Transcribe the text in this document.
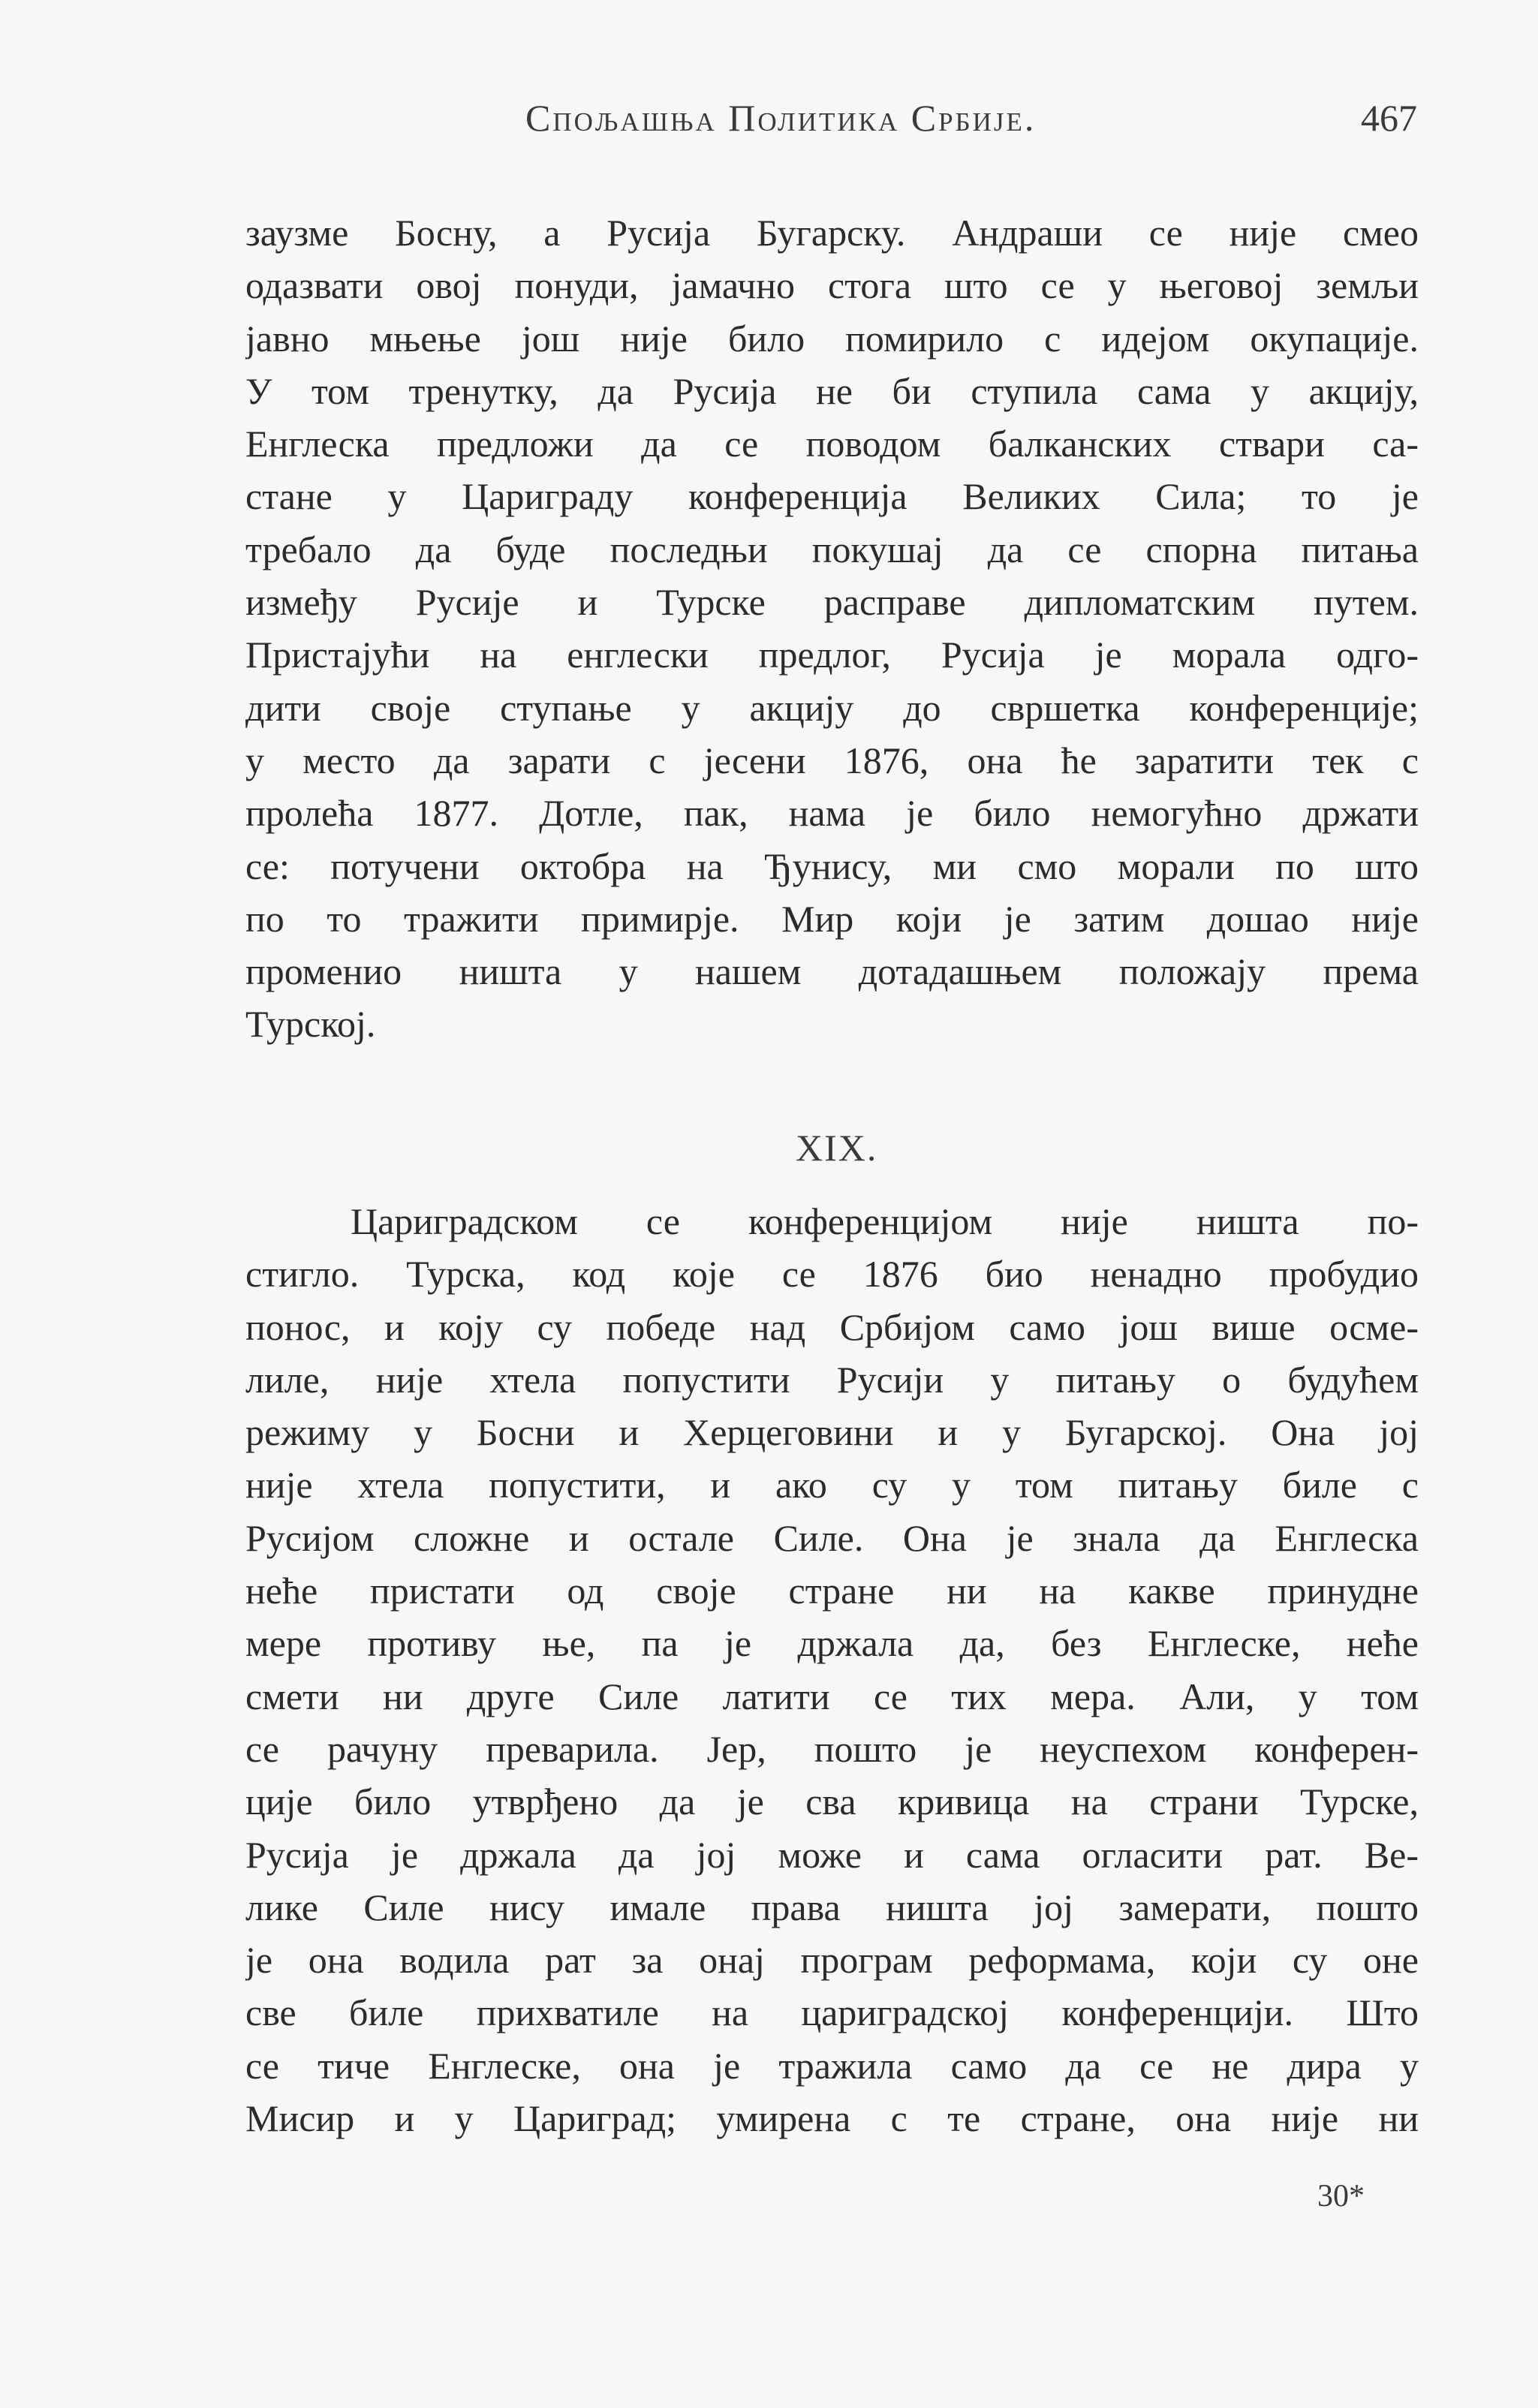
Спољашња Политика Србије.	467
заузме Босну, а Русија Бугарску. Андраши се није смео
одазвати овој понуди, јамачно стога што се у његовој земљи
јавно мњење још није било помирило с идејом окупације.
У том тренутку, да Русија не би ступила сама у акцију,
Енглеска предложи да се поводом балканских ствари са-
стане у Цариграду конференција Великих Сила; то је
требало да буде последњи покушај да се спорна питања
између Русије и Турске расправе дипломатским путем.
Пристајући на енглески предлог, Русија је морала одго-
дити своје ступање у акцију до свршетка конференције;
у место да зарати с јесени 1876, она ће заратити тек с
пролећа 1877. Дотле, пак, нама је било немогућно држати
се: потучени октобра на Ђунису, ми смо морали по што
по то тражити примирје. Мир који је затим дошао није
променио ништа у нашем дотадашњем положају према
Турској.
XIX.
Цариградском се конференцијом није ништа по-
стигло. Турска, код које се 1876 био ненадно пробудио
понос, и коју су победе над Србијом само још више осме-
лиле, није хтела попустити Русији у питању о будућем
режиму у Босни и Херцеговини и у Бугарској. Она јој
није хтела попустити, и ако су у том питању биле с
Русијом сложне и остале Силе. Она је знала да Енглеска
неће пристати од своје стране ни на какве принудне
мере противу ње, па је држала да, без Енглеске, неће
смети ни друге Силе латити се тих мера. Али, у том
се рачуну преварила. Јер, пошто је неуспехом конферен-
ције било утврђено да је сва кривица на страни Турске,
Русија је држала да јој може и сама огласити рат. Ве-
лике Силе нису имале права ништа јој замерати, пошто
је она водила рат за онај програм реформама, који су оне
све биле прихватиле на цариградској конференцији. Што
се тиче Енглеске, она је тражила само да се не дира у
Мисир и у Цариград; умирена с те стране, она није ни
30*
